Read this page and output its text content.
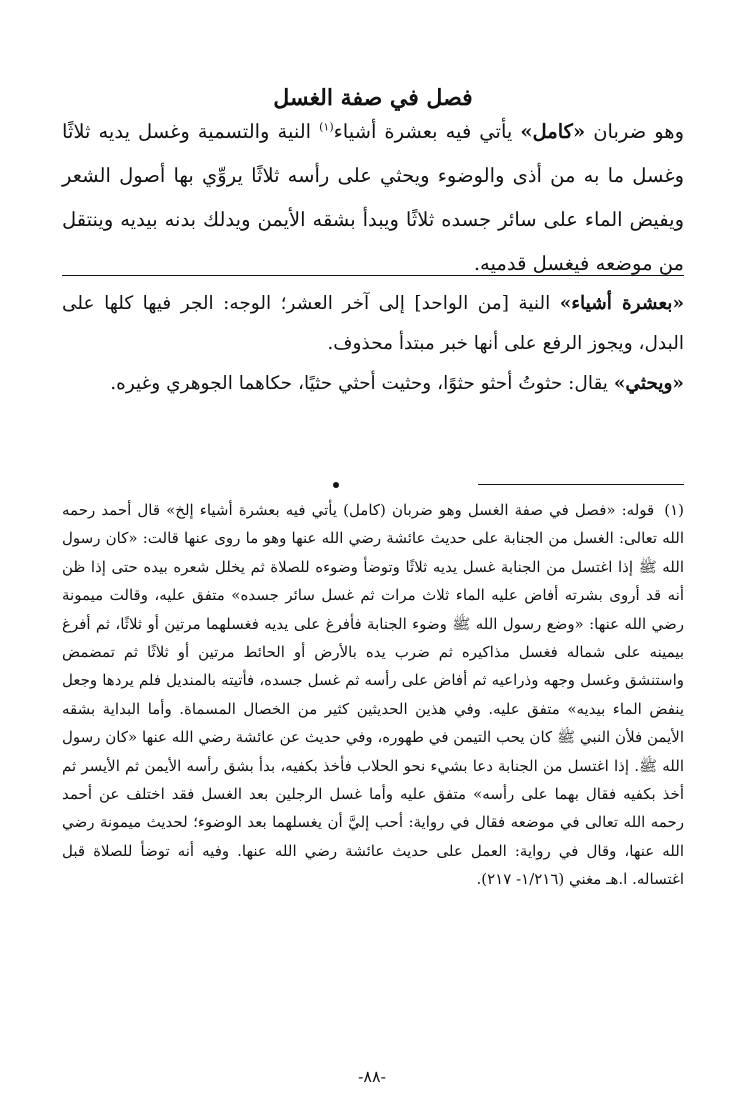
فصل في صفة الغسل

وهو ضربان «كامل» يأتي فيه بعشرة أشياء$^{(١)}$ النية والتسمية وغسل يديه ثلاثًا وغسل ما به من أذى والوضوء ويحثي على رأسه ثلاثًا يروِّي بها أصول الشعر ويفيض الماء على سائر جسده ثلاثًا ويبدأ بشقه الأيمن ويدلك بدنه بيديه وينتقل من موضعه فيغسل قدميه.

«بعشرة أشياء» النية [من الواحد] إلى آخر العشر؛ الوجه: الجر فيها كلها على البدل، ويجوز الرفع على أنها خبر مبتدأ محذوف.

«ويحثي» يقال: حثوتُ أحثو حثوًا، وحثيت أحثي حثيًا، حكاهما الجوهري وغيره.

(١)قوله: «فصل في صفة الغسل وهو ضربان (كامل) يأتي فيه بعشرة أشياء إلخ» قال أحمد رحمه الله تعالى: الغسل من الجنابة على حديث عائشة رضي الله عنها وهو ما روى عنها قالت: «كان رسول الله ﷺ إذا اغتسل من الجنابة غسل يديه ثلاثًا وتوضأ وضوءه للصلاة ثم يخلل شعره بيده حتى إذا ظن أنه قد أروى بشرته أفاض عليه الماء ثلاث مرات ثم غسل سائر جسده» متفق عليه، وقالت ميمونة رضي الله عنها: «وضع رسول الله ﷺ وضوء الجنابة فأفرغ على يديه فغسلهما مرتين أو ثلاثًا، ثم أفرغ بيمينه على شماله فغسل مذاكيره ثم ضرب يده بالأرض أو الحائط مرتين أو ثلاثًا ثم تمضمض واستنشق وغسل وجهه وذراعيه ثم أفاض على رأسه ثم غسل جسده، فأتيته بالمنديل فلم يردها وجعل ينفض الماء بيديه» متفق عليه. وفي هذين الحديثين كثير من الخصال المسماة. وأما البداية بشقه الأيمن فلأن النبي ﷺ كان يحب التيمن في طهوره، وفي حديث عن عائشة رضي الله عنها «كان رسول الله ﷺ. إذا اغتسل من الجنابة دعا بشيء نحو الحلاب فأخذ بكفيه، بدأ بشق رأسه الأيمن ثم الأيسر ثم أخذ بكفيه فقال بهما على رأسه» متفق عليه وأما غسل الرجلين بعد الغسل فقد اختلف عن أحمد رحمه الله تعالى في موضعه فقال في رواية: أحب إليَّ أن يغسلهما بعد الوضوء؛ لحديث ميمونة رضي الله عنها، وقال في رواية: العمل على حديث عائشة رضي الله عنها. وفيه أنه توضأ للصلاة قبل اغتساله. ا.هـ مغني (١/٢١٦- ٢١٧).

-٨٨-
